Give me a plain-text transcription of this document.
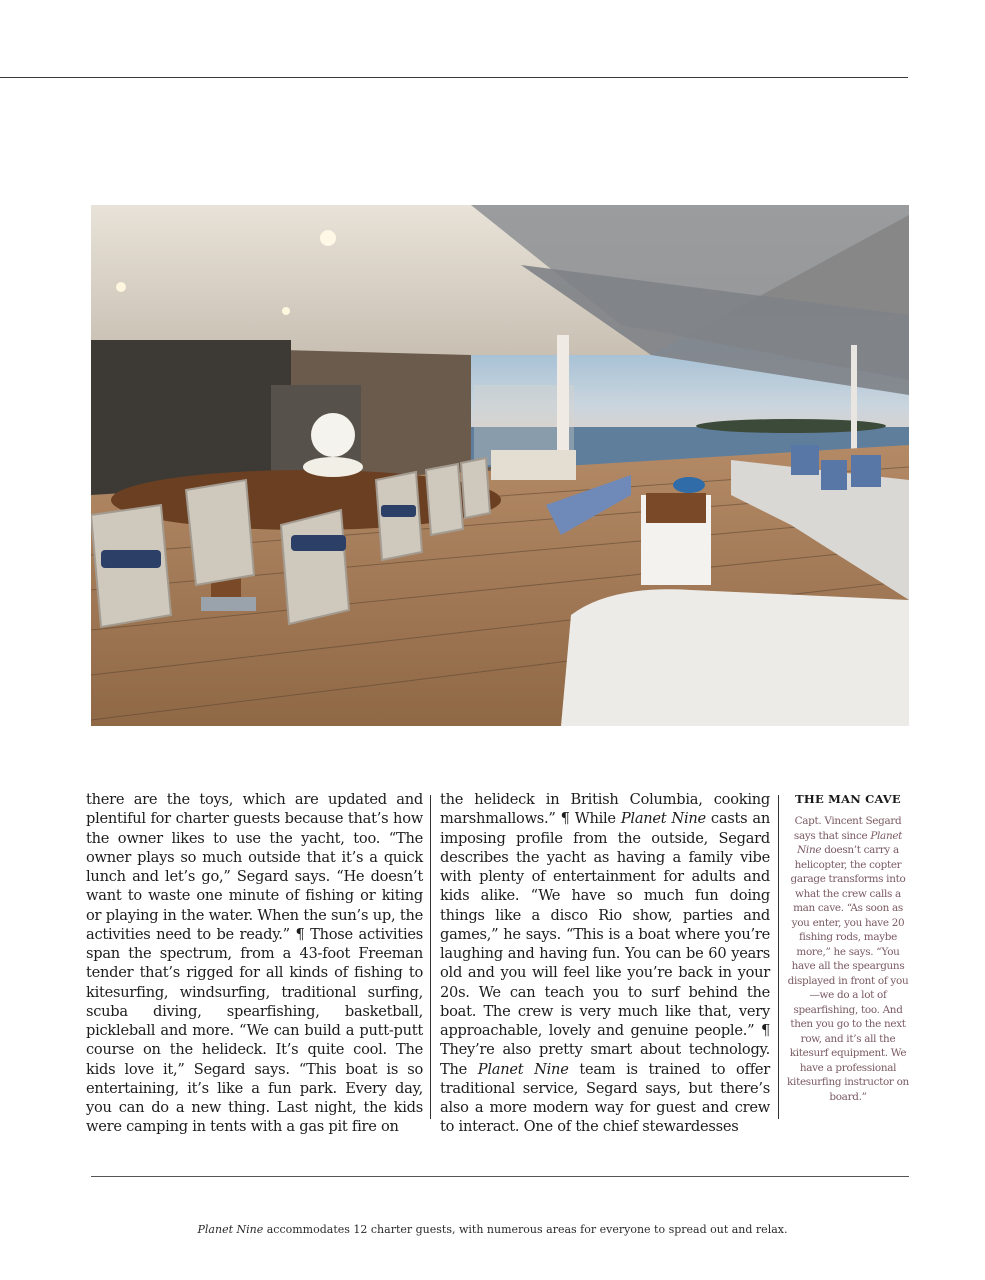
there are the toys, which are updated and plentiful for charter guests because that’s how the owner likes to use the yacht, too. “The owner plays so much outside that it’s a quick lunch and let’s go,” Segard says. “He doesn’t want to waste one minute of fishing or kiting or playing in the water. When the sun’s up, the activities need to be ready.” ¶ Those activities span the spectrum, from a 43-foot Freeman tender that’s rigged for all kinds of fishing to kitesurfing, windsurfing, traditional surfing, scuba diving, spearfishing, basketball, pickleball and more. “We can build a putt-putt course on the helideck. It’s quite cool. The kids love it,” Segard says. “This boat is so entertaining, it’s like a fun park. Every day, you can do a new thing. Last night, the kids were camping in tents with a gas pit fire on
the helideck in British Columbia, cooking marshmallows.” ¶ While Planet Nine casts an imposing profile from the outside, Segard describes the yacht as having a family vibe with plenty of entertainment for adults and kids alike. “We have so much fun doing things like a disco Rio show, parties and games,” he says. “This is a boat where you’re laughing and having fun. You can be 60 years old and you will feel like you’re back in your 20s. We can teach you to surf behind the boat. The crew is very much like that, very approachable, lovely and genuine people.” ¶ They’re also pretty smart about technology. The Planet Nine team is trained to offer traditional service, Segard says, but there’s also a more modern way for guest and crew to interact. One of the chief stewardesses
THE MAN CAVE
Capt. Vincent Segard says that since Planet Nine doesn’t carry a helicopter, the copter garage transforms into what the crew calls a man cave. “As soon as you enter, you have 20 fishing rods, maybe more,” he says. “You have all the spearguns displayed in front of you—we do a lot of spearfishing, too. And then you go to the next row, and it’s all the kitesurf equipment. We have a professional kitesurfing instructor on board.”
Planet Nine accommodates 12 charter guests, with numerous areas for everyone to spread out and relax.
